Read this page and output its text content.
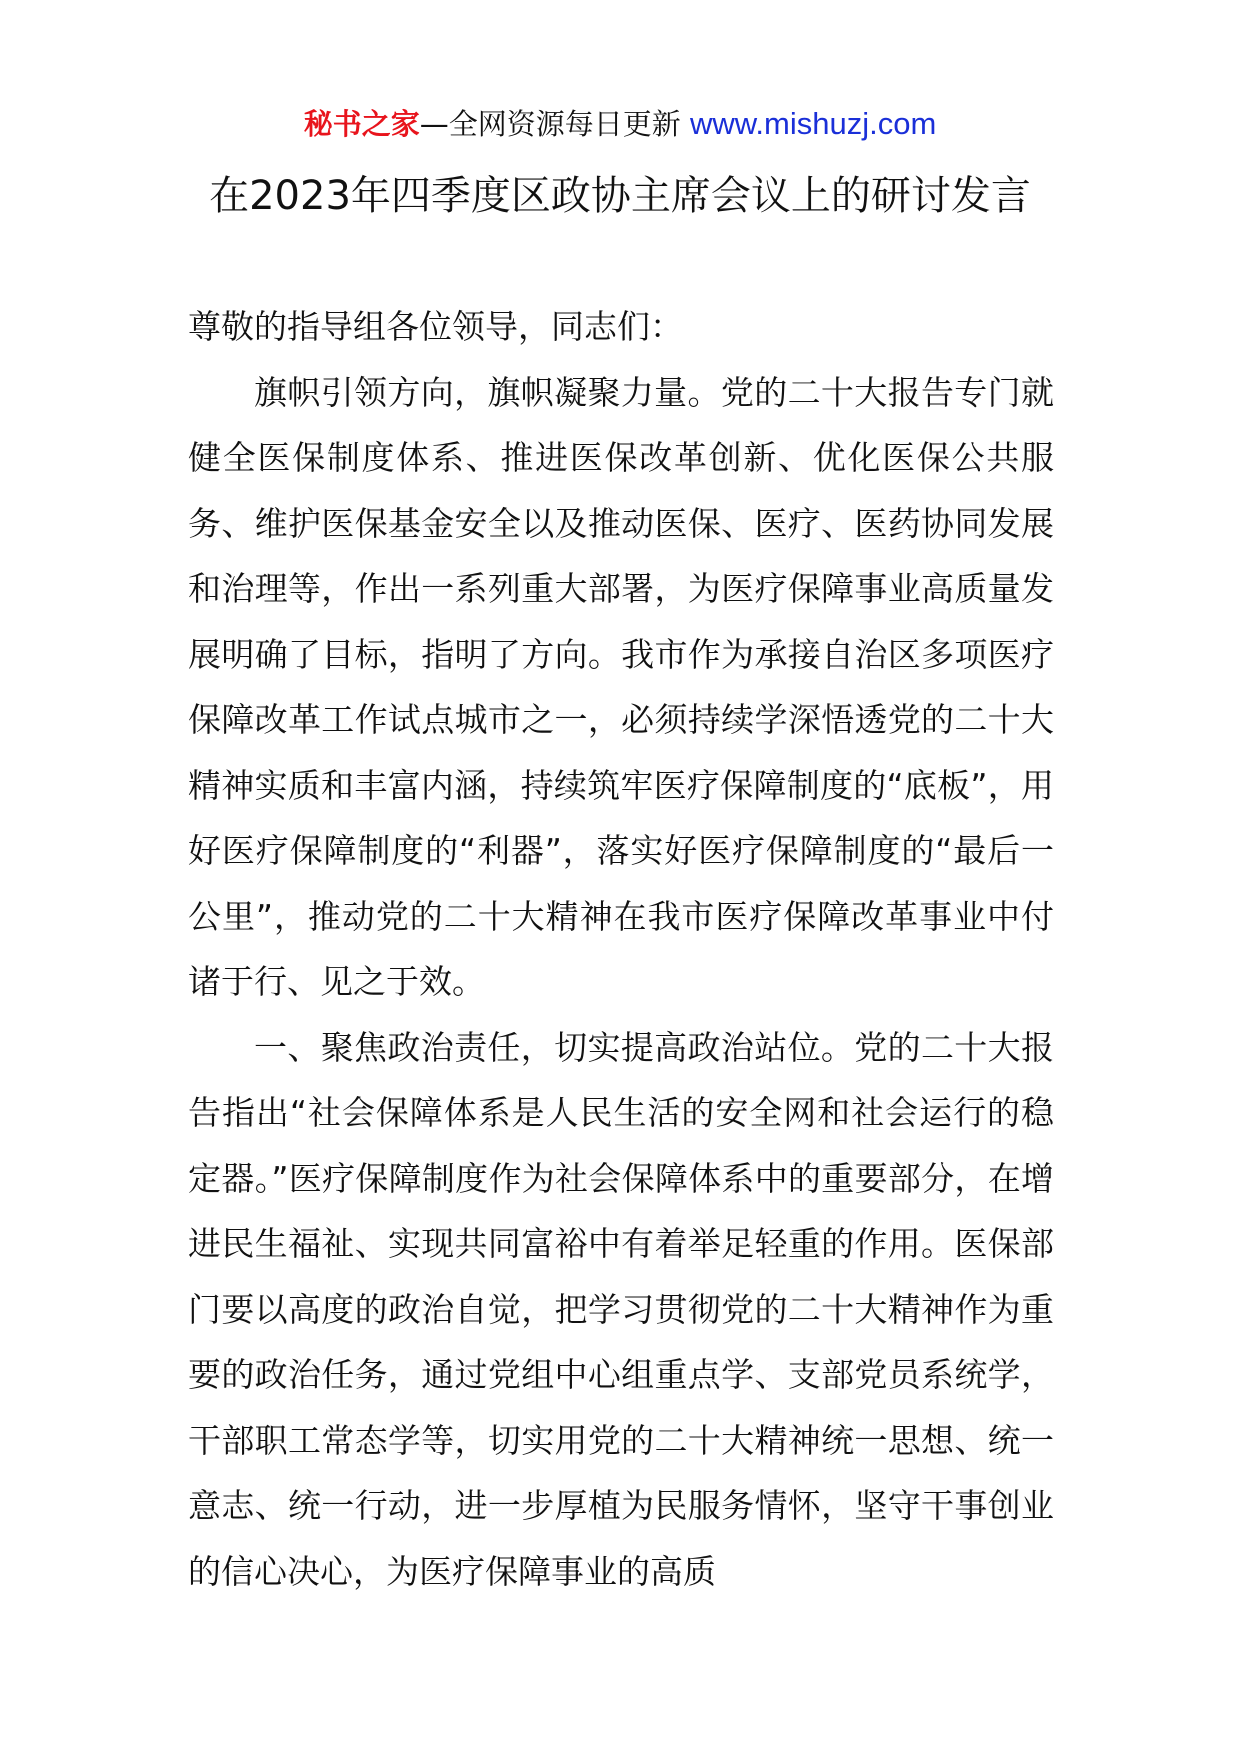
秘书之家—全网资源每日更新 www.mishuzj.com
在2023年四季度区政协主席会议上的研讨发言

尊敬的指导组各位领导，同志们：

旗帜引领方向，旗帜凝聚力量。党的二十大报告专门就健全医保制度体系、推进医保改革创新、优化医保公共服务、维护医保基金安全以及推动医保、医疗、医药协同发展和治理等，作出一系列重大部署，为医疗保障事业高质量发展明确了目标，指明了方向。我市作为承接自治区多项医疗保障改革工作试点城市之一，必须持续学深悟透党的二十大精神实质和丰富内涵，持续筑牢医疗保障制度的“底板”，用好医疗保障制度的“利器”，落实好医疗保障制度的“最后一公里”，推动党的二十大精神在我市医疗保障改革事业中付诸于行、见之于效。

一、聚焦政治责任，切实提高政治站位。党的二十大报告指出“社会保障体系是人民生活的安全网和社会运行的稳定器。”医疗保障制度作为社会保障体系中的重要部分，在增进民生福祉、实现共同富裕中有着举足轻重的作用。医保部门要以高度的政治自觉，把学习贯彻党的二十大精神作为重要的政治任务，通过党组中心组重点学、支部党员系统学，干部职工常态学等，切实用党的二十大精神统一思想、统一意志、统一行动，进一步厚植为民服务情怀，坚守干事创业的信心决心，为医疗保障事业的高质
